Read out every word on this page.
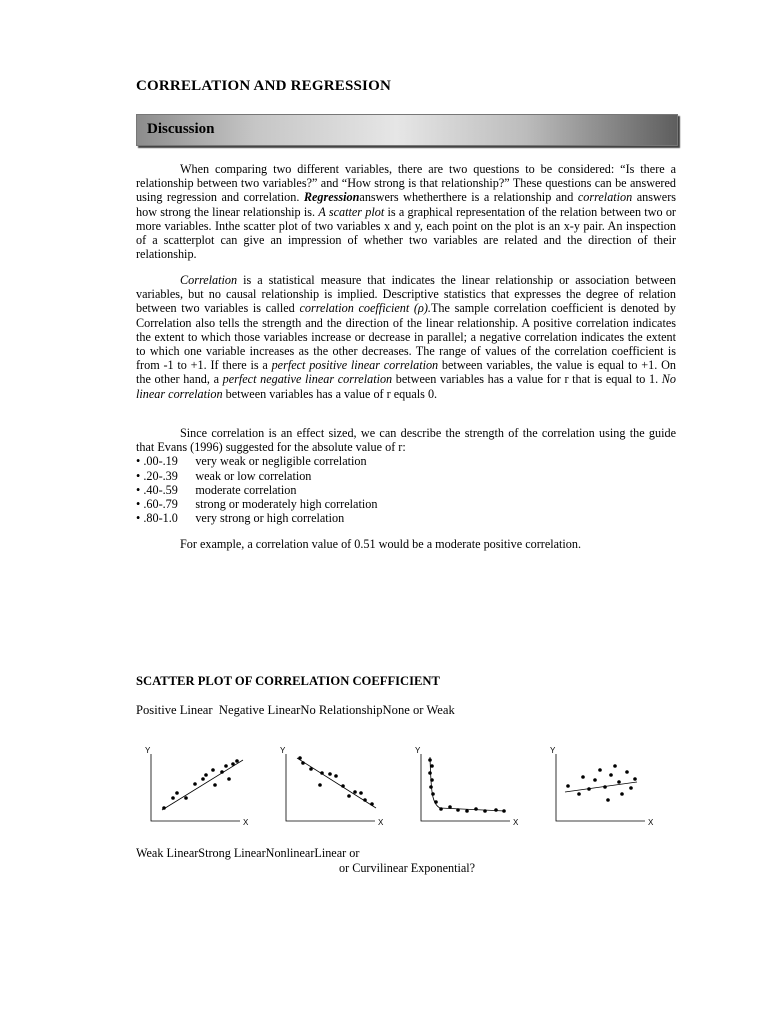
CORRELATION AND REGRESSION
Discussion

When comparing two different variables, there are two questions to be considered: “Is there a relationship between two variables?” and “How strong is that relationship?” These questions can be answered using regression and correlation. Regressionanswers whetherthere is a relationship and correlation answers how strong the linear relationship is. A scatter plot is a graphical representation of the relation between two or more variables. Inthe scatter plot of two variables x and y, each point on the plot is an x-y pair. An inspection of a scatterplot can give an impression of whether two variables are related and the direction of their relationship.

Correlation is a statistical measure that indicates the linear relationship or association between variables, but no causal relationship is implied. Descriptive statistics that expresses the degree of relation between two variables is called correlation coefficient (ρ).The sample correlation coefficient is denoted by Correlation also tells the strength and the direction of the linear relationship. A positive correlation indicates the extent to which those variables increase or decrease in parallel; a negative correlation indicates the extent to which one variable increases as the other decreases. The range of values of the correlation coefficient is from -1 to +1. If there is a perfect positive linear correlation between variables, the value is equal to +1. On the other hand, a perfect negative linear correlation between variables has a value for r that is equal to 1. No linear correlation between variables has a value of r equals 0.

Since correlation is an effect sized, we can describe the strength of the correlation using the guide that Evans (1996) suggested for the absolute value of r:

• .00-.19 very weak or negligible correlation
• .20-.39 weak or low correlation
• .40-.59 moderate correlation
• .60-.79 strong or moderately high correlation
• .80-1.0 very strong or high correlation

For example, a correlation value of 0.51 would be a moderate positive correlation.

SCATTER PLOT OF CORRELATION COEFFICIENT
Positive Linear  Negative LinearNo RelationshipNone or Weak
Y
X
Y
X
Y
X
Y
X
Weak LinearStrong LinearNonlinearLinear or
or Curvilinear Exponential?
